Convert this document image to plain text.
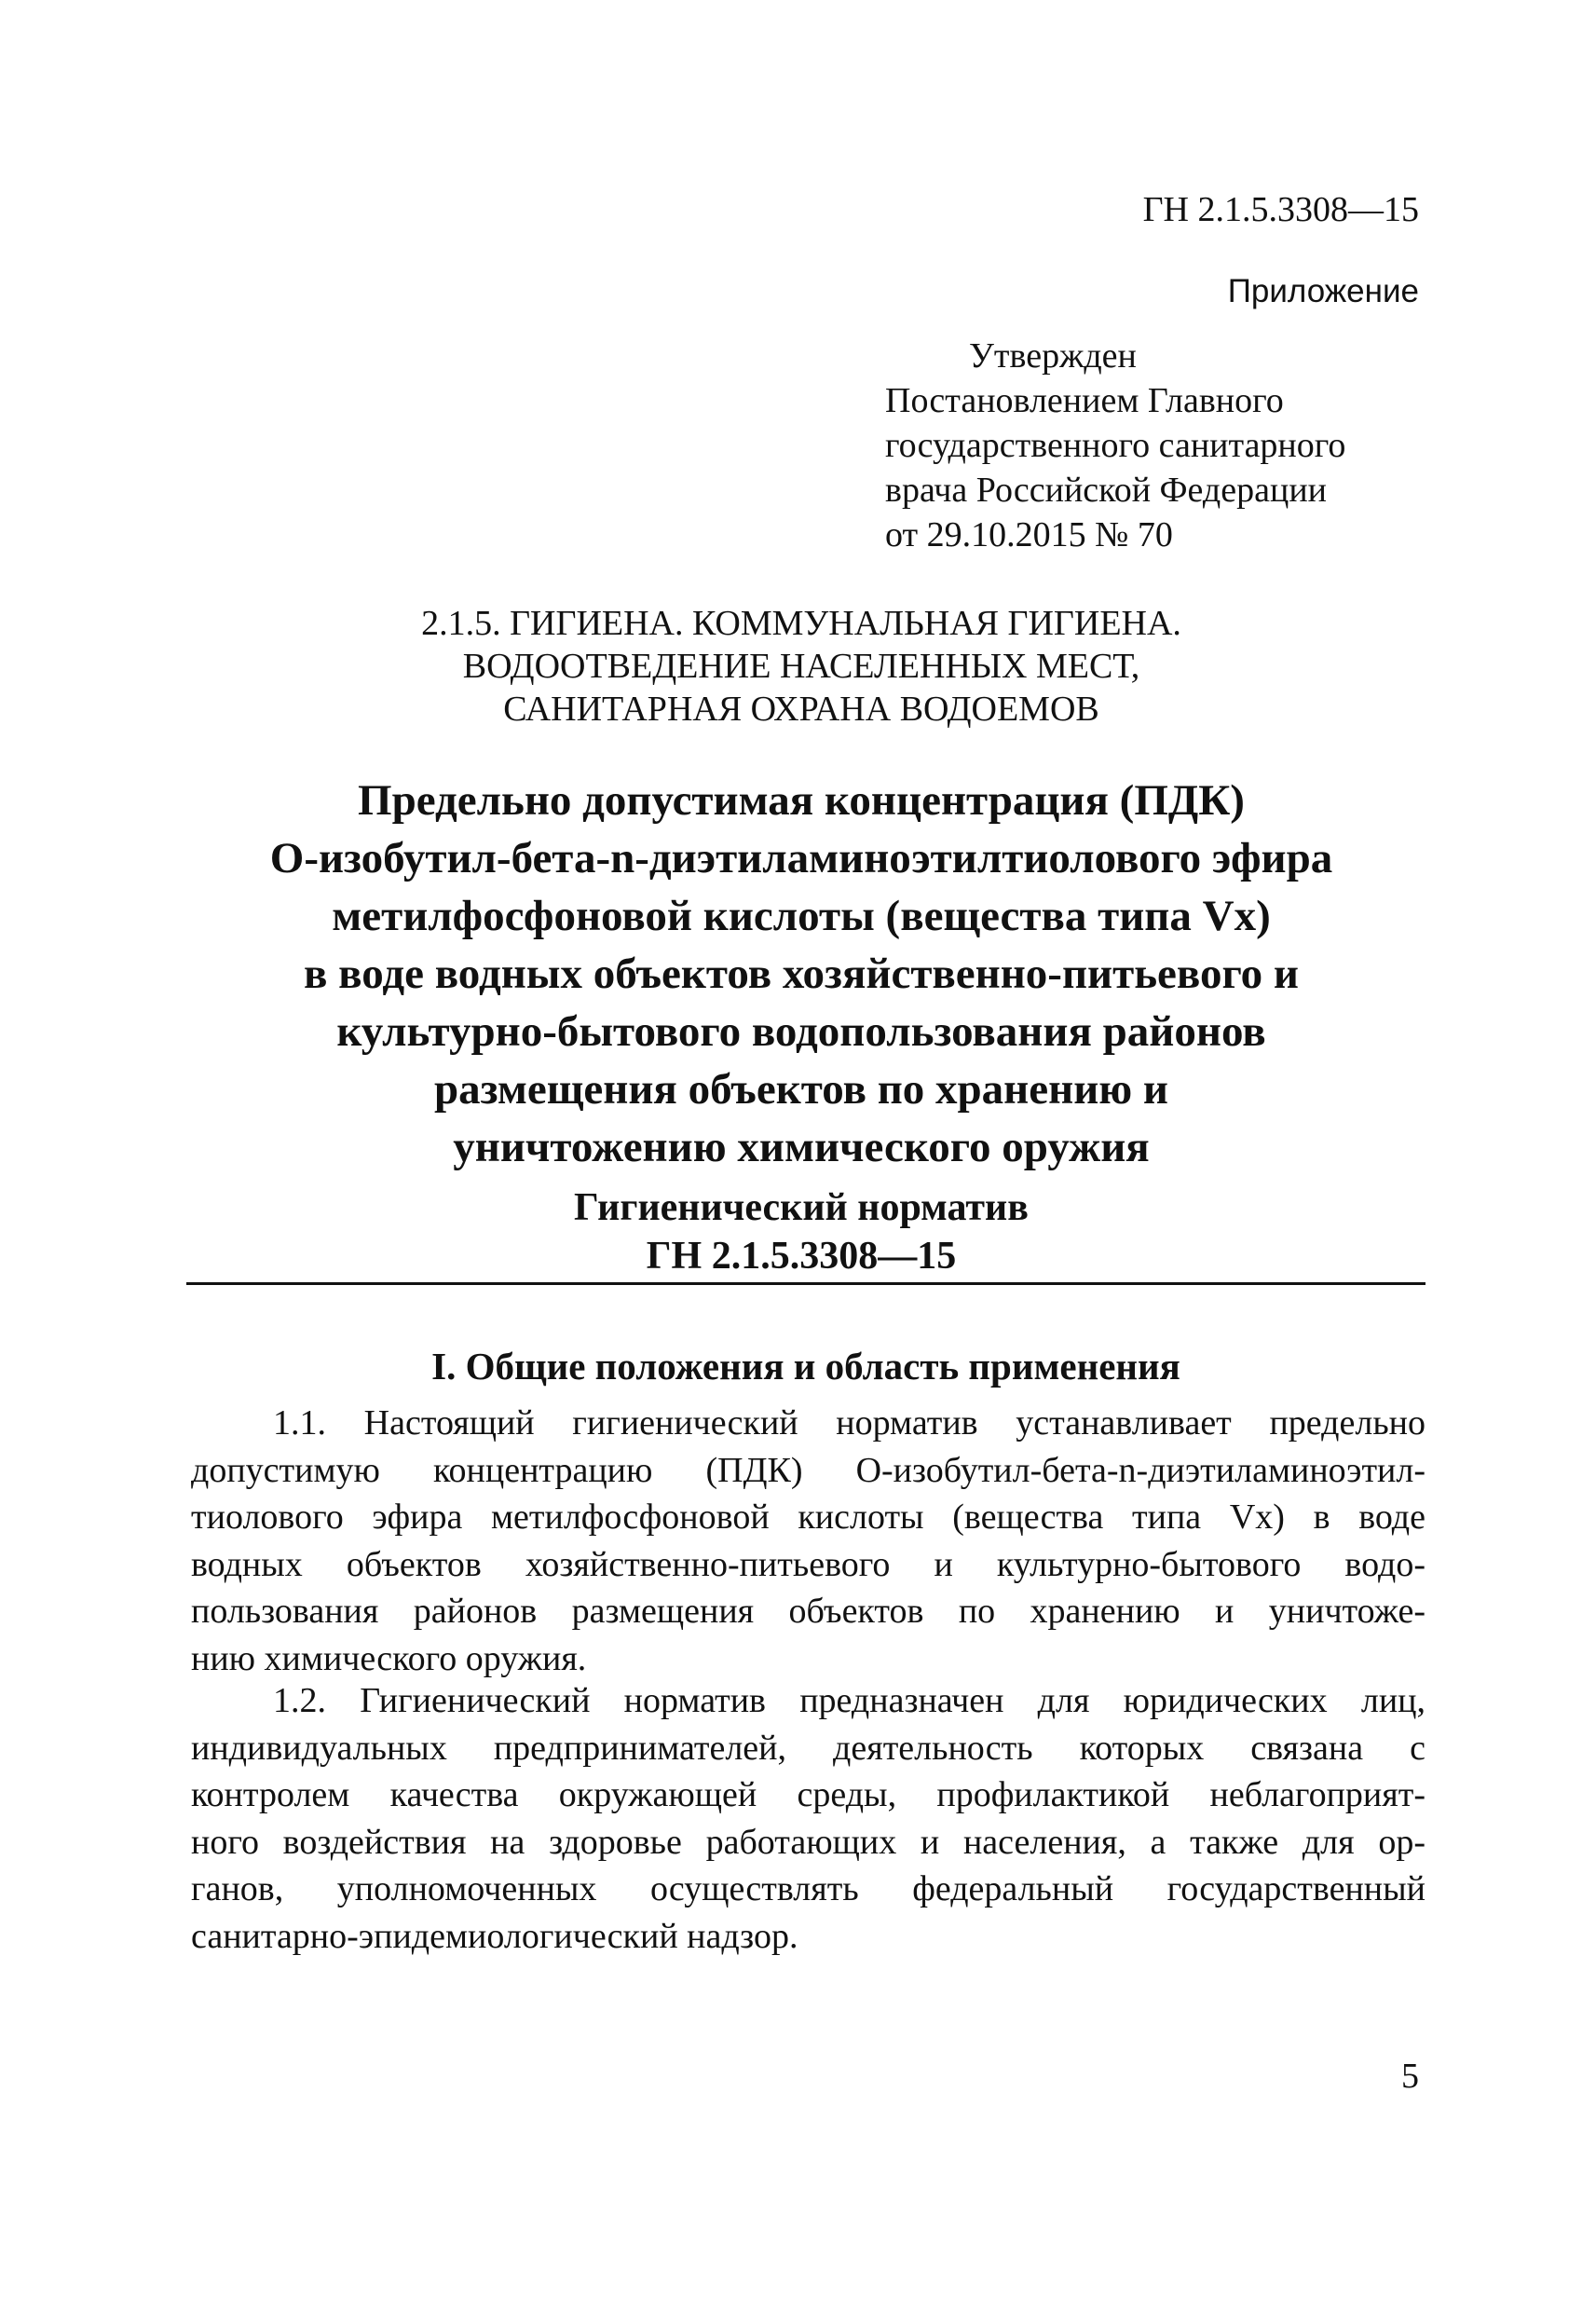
ГН 2.1.5.3308—15
Приложение
Утвержден
Постановлением Главного
государственного санитарного
врача Российской Федерации
от 29.10.2015 № 70
2.1.5. ГИГИЕНА. КОММУНАЛЬНАЯ ГИГИЕНА.
ВОДООТВЕДЕНИЕ НАСЕЛЕННЫХ МЕСТ,
САНИТАРНАЯ ОХРАНА ВОДОЕМОВ
Предельно допустимая концентрация (ПДК)
О-изобутил-бета-n-диэтиламиноэтилтиолового эфира
метилфосфоновой кислоты (вещества типа Vx)
в воде водных объектов хозяйственно-питьевого и
культурно-бытового водопользования районов
размещения объектов по хранению и
уничтожению химического оружия
Гигиенический норматив
ГН 2.1.5.3308—15
I. Общие положения и область применения
1.1. Настоящий гигиенический норматив устанавливает предельно
допустимую концентрацию (ПДК) О-изобутил-бета-n-диэтиламиноэтил-
тиолового эфира метилфосфоновой кислоты (вещества типа Vx) в воде
водных объектов хозяйственно-питьевого и культурно-бытового водо-
пользования районов размещения объектов по хранению и уничтоже-
нию химического оружия.
1.2. Гигиенический норматив предназначен для юридических лиц,
индивидуальных предпринимателей, деятельность которых связана с
контролем качества окружающей среды, профилактикой неблагоприят-
ного воздействия на здоровье работающих и населения, а также для ор-
ганов, уполномоченных осуществлять федеральный государственный
санитарно-эпидемиологический надзор.
5
